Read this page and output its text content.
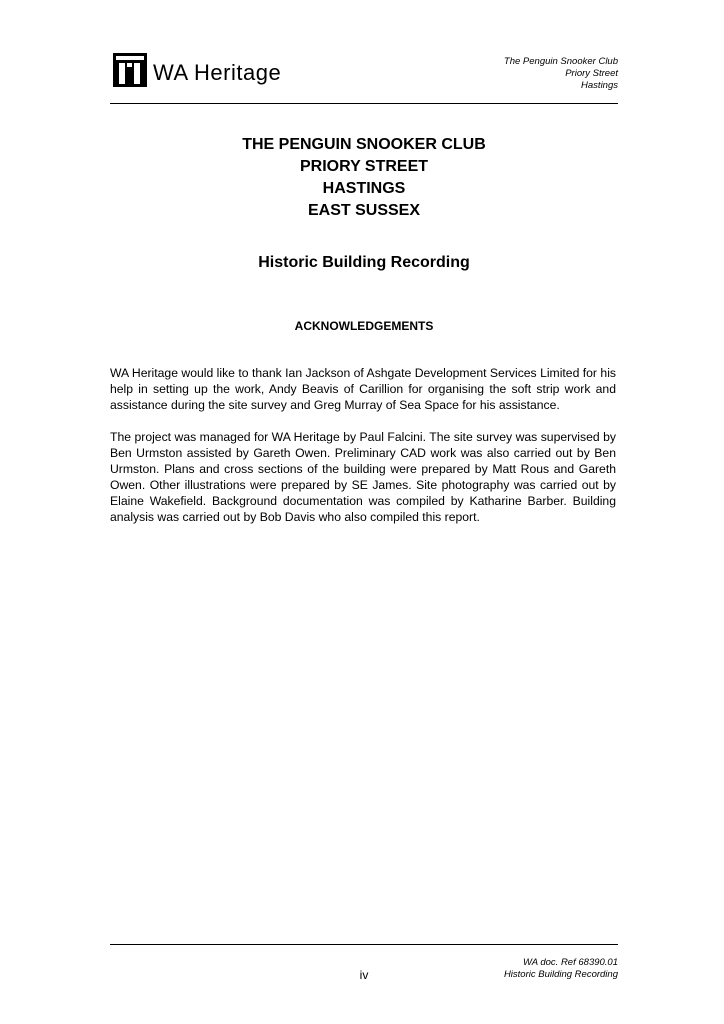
WA Heritage	The Penguin Snooker Club
Priory Street
Hastings
THE PENGUIN SNOOKER CLUB
PRIORY STREET
HASTINGS
EAST SUSSEX
Historic Building Recording
ACKNOWLEDGEMENTS

WA Heritage would like to thank Ian Jackson of Ashgate Development Services Limited for his help in setting up the work, Andy Beavis of Carillion for organising the soft strip work and assistance during the site survey and Greg Murray of Sea Space for his assistance.

The project was managed for WA Heritage by Paul Falcini. The site survey was supervised by Ben Urmston assisted by Gareth Owen. Preliminary CAD work was also carried out by Ben Urmston. Plans and cross sections of the building were prepared by Matt Rous and Gareth Owen. Other illustrations were prepared by SE James. Site photography was carried out by Elaine Wakefield. Background documentation was compiled by Katharine Barber. Building analysis was carried out by Bob Davis who also compiled this report.

iv
WA doc. Ref 68390.01
Historic Building Recording
